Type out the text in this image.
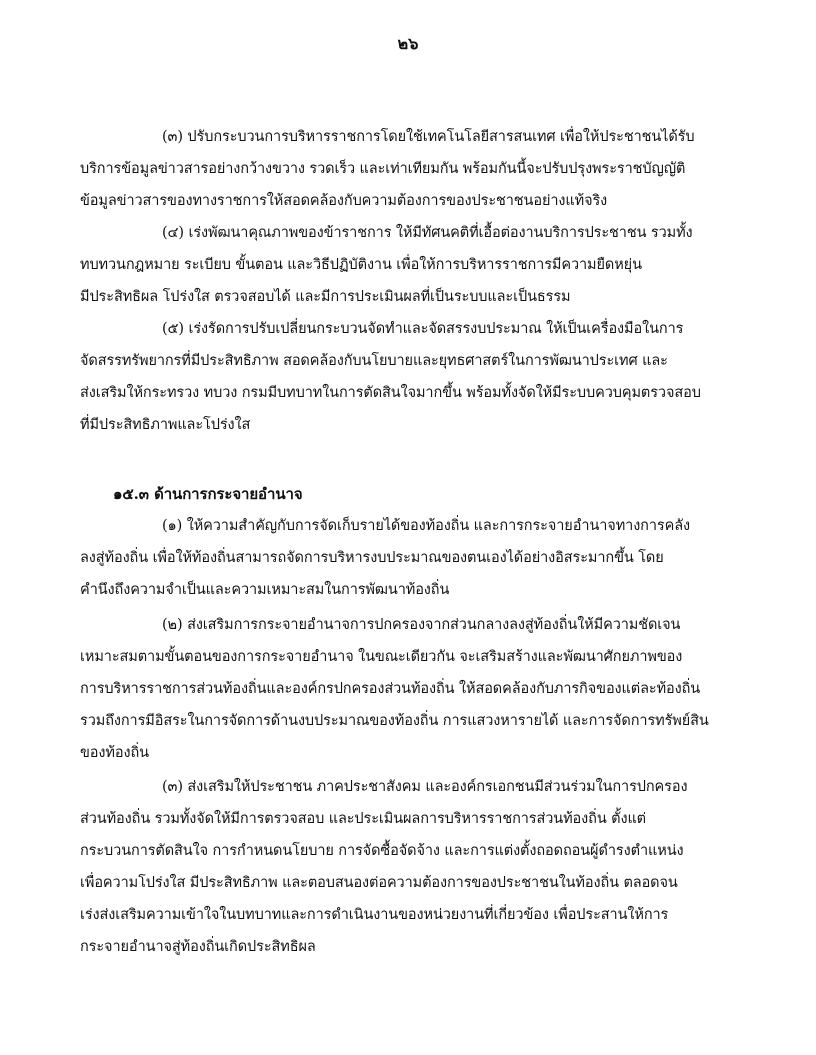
๒๖
(๓) ปรับกระบวนการบริหารราชการโดยใช้เทคโนโลยีสารสนเทศ เพื่อให้ประชาชนได้รับ
บริการข้อมูลข่าวสารอย่างกว้างขวาง รวดเร็ว และเท่าเทียมกัน พร้อมกันนี้จะปรับปรุงพระราชบัญญัติ
ข้อมูลข่าวสารของทางราชการให้สอดคล้องกับความต้องการของประชาชนอย่างแท้จริง
(๔) เร่งพัฒนาคุณภาพของข้าราชการ ให้มีทัศนคติที่เอื้อต่องานบริการประชาชน รวมทั้ง
ทบทวนกฎหมาย ระเบียบ ขั้นตอน และวิธีปฏิบัติงาน เพื่อให้การบริหารราชการมีความยืดหยุ่น
มีประสิทธิผล โปร่งใส ตรวจสอบได้ และมีการประเมินผลที่เป็นระบบและเป็นธรรม
(๕) เร่งรัดการปรับเปลี่ยนกระบวนจัดทำและจัดสรรงบประมาณ ให้เป็นเครื่องมือในการ
จัดสรรทรัพยากรที่มีประสิทธิภาพ สอดคล้องกับนโยบายและยุทธศาสตร์ในการพัฒนาประเทศ และ
ส่งเสริมให้กระทรวง ทบวง กรมมีบทบาทในการตัดสินใจมากขึ้น พร้อมทั้งจัดให้มีระบบควบคุมตรวจสอบ
ที่มีประสิทธิภาพและโปร่งใส
๑๕.๓ ด้านการกระจายอำนาจ
(๑) ให้ความสำคัญกับการจัดเก็บรายได้ของท้องถิ่น และการกระจายอำนาจทางการคลัง
ลงสู่ท้องถิ่น เพื่อให้ท้องถิ่นสามารถจัดการบริหารงบประมาณของตนเองได้อย่างอิสระมากขึ้น โดย
คำนึงถึงความจำเป็นและความเหมาะสมในการพัฒนาท้องถิ่น
(๒) ส่งเสริมการกระจายอำนาจการปกครองจากส่วนกลางลงสู่ท้องถิ่นให้มีความชัดเจน
เหมาะสมตามขั้นตอนของการกระจายอำนาจ ในขณะเดียวกัน จะเสริมสร้างและพัฒนาศักยภาพของ
การบริหารราชการส่วนท้องถิ่นและองค์กรปกครองส่วนท้องถิ่น ให้สอดคล้องกับภารกิจของแต่ละท้องถิ่น
รวมถึงการมีอิสระในการจัดการด้านงบประมาณของท้องถิ่น การแสวงหารายได้ และการจัดการทรัพย์สิน
ของท้องถิ่น
(๓) ส่งเสริมให้ประชาชน ภาคประชาสังคม และองค์กรเอกชนมีส่วนร่วมในการปกครอง
ส่วนท้องถิ่น รวมทั้งจัดให้มีการตรวจสอบ และประเมินผลการบริหารราชการส่วนท้องถิ่น ตั้งแต่
กระบวนการตัดสินใจ การกำหนดนโยบาย การจัดซื้อจัดจ้าง และการแต่งตั้งถอดถอนผู้ดำรงตำแหน่ง
เพื่อความโปร่งใส มีประสิทธิภาพ และตอบสนองต่อความต้องการของประชาชนในท้องถิ่น ตลอดจน
เร่งส่งเสริมความเข้าใจในบทบาทและการดำเนินงานของหน่วยงานที่เกี่ยวข้อง เพื่อประสานให้การ
กระจายอำนาจสู่ท้องถิ่นเกิดประสิทธิผล
